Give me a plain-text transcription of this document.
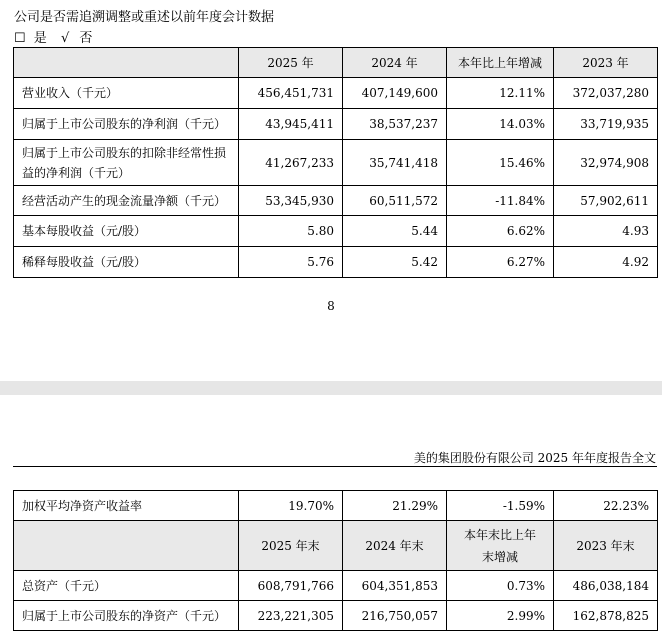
公司是否需追溯调整或重述以前年度会计数据
☐ 是 √ 否
	2025 年	2024 年	本年比上年增减	2023 年
营业收入（千元）	456,451,731	407,149,600	12.11%	372,037,280
归属于上市公司股东的净利润（千元）	43,945,411	38,537,237	14.03%	33,719,935
归属于上市公司股东的扣除非经常性损益的净利润（千元）	41,267,233	35,741,418	15.46%	32,974,908
经营活动产生的现金流量净额（千元）	53,345,930	60,511,572	-11.84%	57,902,611
基本每股收益（元/股）	5.80	5.44	6.62%	4.93
稀释每股收益（元/股）	5.76	5.42	6.27%	4.92
8
美的集团股份有限公司 2025 年年度报告全文
加权平均净资产收益率	19.70%	21.29%	-1.59%	22.23%
	2025 年末	2024 年末	本年末比上年末增减	2023 年末
总资产（千元）	608,791,766	604,351,853	0.73%	486,038,184
归属于上市公司股东的净资产（千元）	223,221,305	216,750,057	2.99%	162,878,825
